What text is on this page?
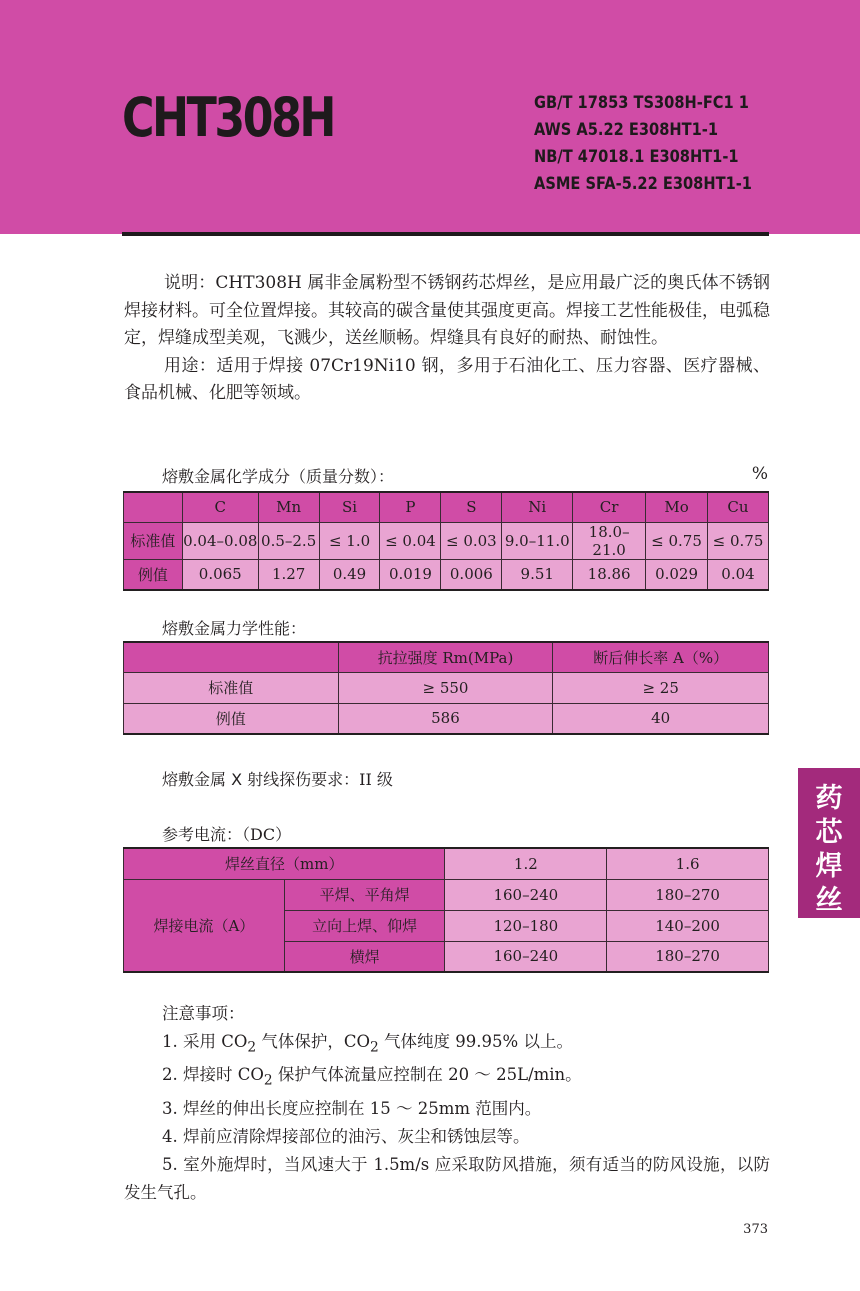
CHT308H	GB/T 17853 TS308H-FC1 1
AWS A5.22 E308HT1-1
NB/T 47018.1 E308HT1-1
ASME SFA-5.22 E308HT1-1

说明：CHT308H 属非金属粉型不锈钢药芯焊丝，是应用最广泛的奥氏体不锈钢焊接材料。可全位置焊接。其较高的碳含量使其强度更高。焊接工艺性能极佳，电弧稳定，焊缝成型美观，飞溅少，送丝顺畅。焊缝具有良好的耐热、耐蚀性。

用途：适用于焊接 07Cr19Ni10 钢，多用于石油化工、压力容器、医疗器械、食品机械、化肥等领域。

熔敷金属化学成分（质量分数）：	%
	C	Mn	Si	P	S	Ni	Cr	Mo	Cu
标准值	0.04–0.08	0.5–2.5	≤ 1.0	≤ 0.04	≤ 0.03	9.0–11.0	18.0–21.0	≤ 0.75	≤ 0.75
例值	0.065	1.27	0.49	0.019	0.006	9.51	18.86	0.029	0.04
熔敷金属力学性能：
	抗拉强度 Rm(MPa)	断后伸长率 A（%）
标准值	≥ 550	≥ 25
例值	586	40
熔敷金属 X 射线探伤要求：II 级
参考电流：（DC）
焊丝直径（mm）		1.2	1.6
焊接电流（A）	平焊、平角焊	160–240	180–270
	立向上焊、仰焊	120–180	140–200
	横焊	160–240	180–270
药
芯
焊
丝
注意事项：
1. 采用 $CO_2$ 气体保护，$CO_2$ 气体纯度 99.95% 以上。
2. 焊接时 $CO_2$ 保护气体流量应控制在 20 ～ 25L/min。
3. 焊丝的伸出长度应控制在 15 ～ 25mm 范围内。
4. 焊前应清除焊接部位的油污、灰尘和锈蚀层等。
5. 室外施焊时，当风速大于 1.5m/s 应采取防风措施，须有适当的防风设施，以防发生气孔。
373
